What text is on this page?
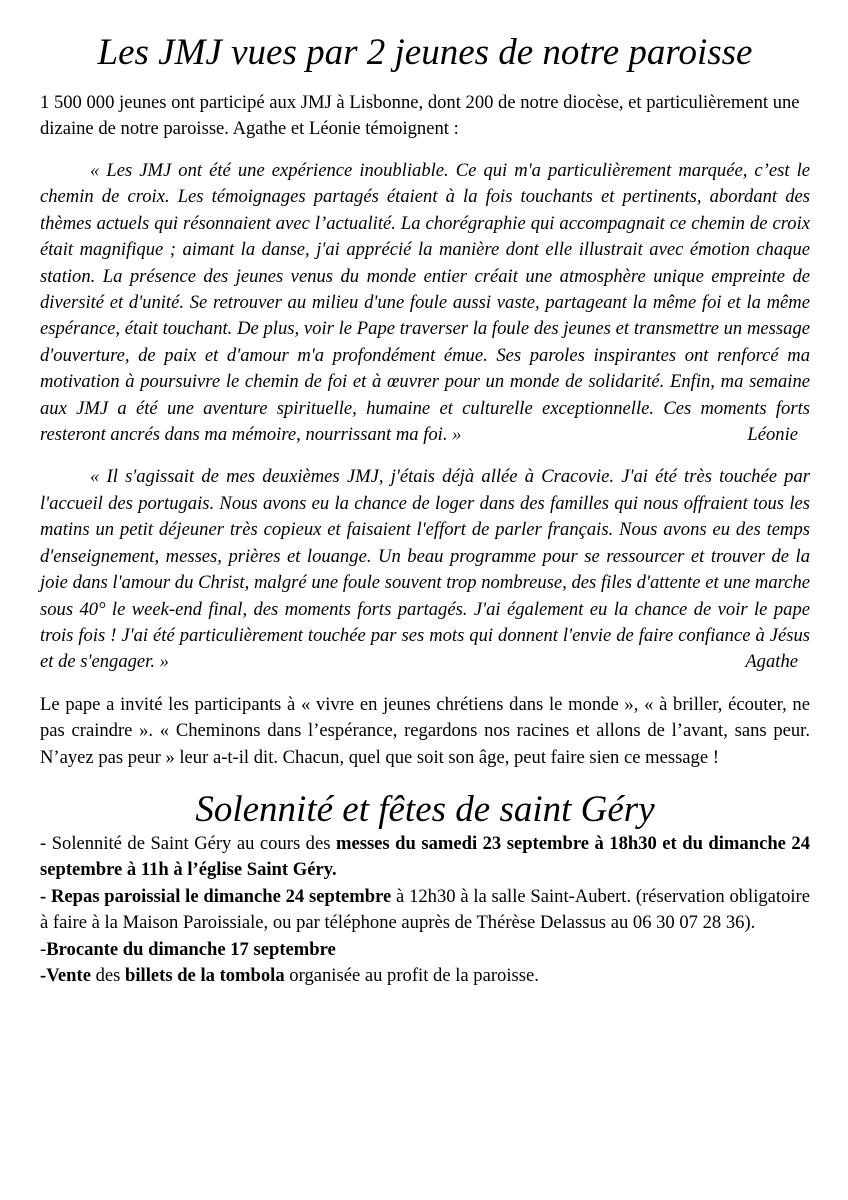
Les JMJ vues par 2 jeunes de notre paroisse

1 500 000 jeunes ont participé aux JMJ à Lisbonne, dont 200 de notre diocèse, et particulièrement une dizaine de notre paroisse. Agathe et Léonie témoignent :

« Les JMJ ont été une expérience inoubliable. Ce qui m'a particulièrement marquée, c’est le chemin de croix. Les témoignages partagés étaient à la fois touchants et pertinents, abordant des thèmes actuels qui résonnaient avec l’actualité. La chorégraphie qui accompagnait ce chemin de croix était magnifique ; aimant la danse, j'ai apprécié la manière dont elle illustrait avec émotion chaque station. La présence des jeunes venus du monde entier créait une atmosphère unique empreinte de diversité et d'unité. Se retrouver au milieu d'une foule aussi vaste, partageant la même foi et la même espérance, était touchant. De plus, voir le Pape traverser la foule des jeunes et transmettre un message d'ouverture, de paix et d'amour m'a profondément émue. Ses paroles inspirantes ont renforcé ma motivation à poursuivre le chemin de foi et à œuvrer pour un monde de solidarité. Enfin, ma semaine aux JMJ a été une aventure spirituelle, humaine et culturelle exceptionnelle. Ces moments forts resteront ancrés dans ma mémoire, nourrissant ma foi. »	Léonie

« Il s'agissait de mes deuxièmes JMJ, j'étais déjà allée à Cracovie. J'ai été très touchée par l'accueil des portugais. Nous avons eu la chance de loger dans des familles qui nous offraient tous les matins un petit déjeuner très copieux et faisaient l'effort de parler français. Nous avons eu des temps d'enseignement, messes, prières et louange. Un beau programme pour se ressourcer et trouver de la joie dans l'amour du Christ, malgré une foule souvent trop nombreuse, des files d'attente et une marche sous 40° le week-end final, des moments forts partagés. J'ai également eu la chance de voir le pape trois fois ! J'ai été particulièrement touchée par ses mots qui donnent l'envie de faire confiance à Jésus et de s'engager. »	Agathe

Le pape a invité les participants à « vivre en jeunes chrétiens dans le monde », « à briller, écouter, ne pas craindre ». « Cheminons dans l’espérance, regardons nos racines et allons de l’avant, sans peur. N’ayez pas peur » leur a-t-il dit. Chacun, quel que soit son âge, peut faire sien ce message !

Solennité et fêtes de saint Géry

- Solennité de Saint Géry au cours des messes du samedi 23 septembre à 18h30 et du dimanche 24 septembre à 11h à l’église Saint Géry.

- Repas paroissial le dimanche 24 septembre à 12h30 à la salle Saint-Aubert. (réservation obligatoire à faire à la Maison Paroissiale, ou par téléphone auprès de Thérèse Delassus au 06 30 07 28 36).

-Brocante du dimanche 17 septembre

-Vente des billets de la tombola organisée au profit de la paroisse.
